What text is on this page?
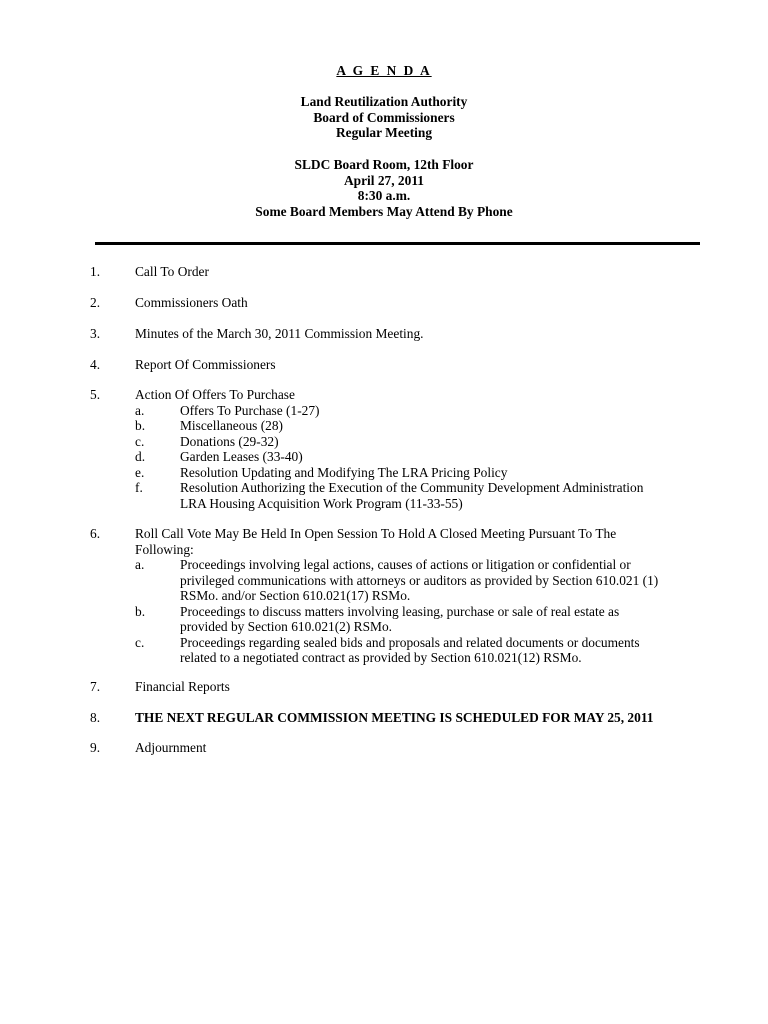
A G E N D A
Land Reutilization Authority
Board of Commissioners
Regular Meeting
SLDC Board Room, 12th Floor
April 27, 2011
8:30 a.m.
Some Board Members May Attend By Phone
1.	Call To Order
2.	Commissioners Oath
3.	Minutes of the March 30, 2011 Commission Meeting.
4.	Report Of Commissioners
5.	Action Of Offers To Purchase
a.	Offers To Purchase (1-27)
b.	Miscellaneous (28)
c.	Donations (29-32)
d.	Garden Leases (33-40)
e.	Resolution Updating and Modifying The LRA Pricing Policy
f.	Resolution Authorizing the Execution of the Community Development Administration
LRA Housing Acquisition Work Program (11-33-55)
6.	Roll Call Vote May Be Held In Open Session To Hold A Closed Meeting Pursuant To The
Following:
a.	Proceedings involving legal actions, causes of actions or litigation or confidential or
privileged communications with attorneys or auditors as provided by Section 610.021 (1)
RSMo. and/or Section 610.021(17) RSMo.
b.	Proceedings to discuss matters involving leasing, purchase or sale of real estate as
provided by Section 610.021(2) RSMo.
c.	Proceedings regarding sealed bids and proposals and related documents or documents
related to a negotiated contract as provided by Section 610.021(12) RSMo.
7.	Financial Reports
8.	THE NEXT REGULAR COMMISSION MEETING IS SCHEDULED FOR MAY 25, 2011
9.	Adjournment
